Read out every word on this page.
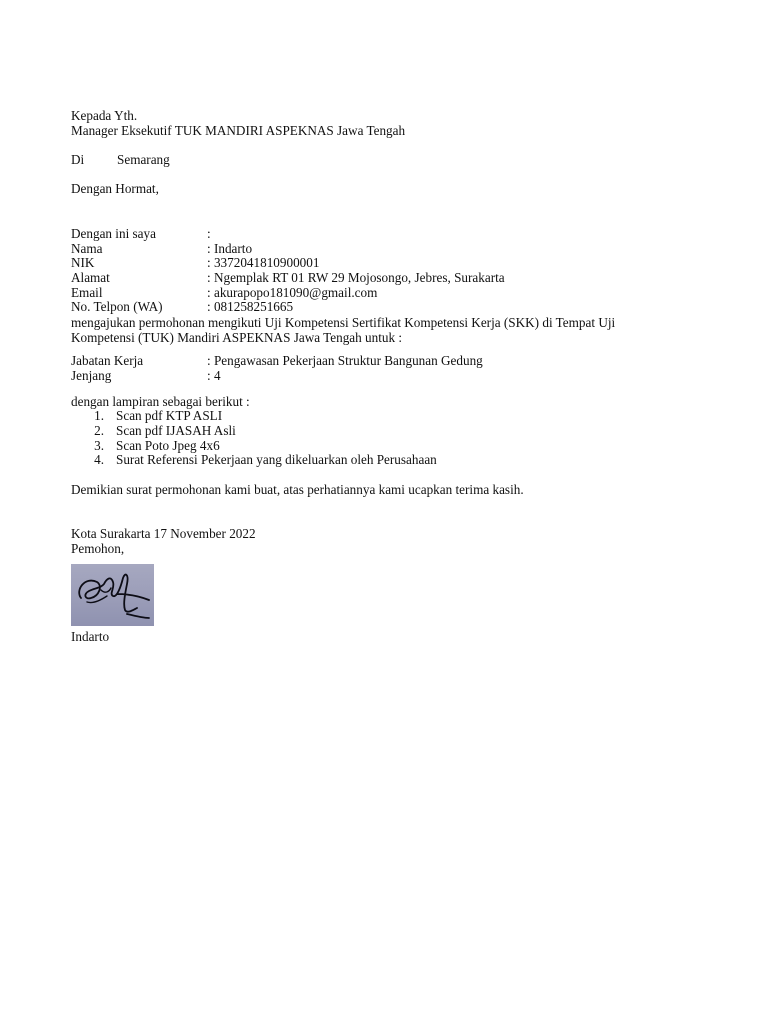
Kepada Yth.
Manager Eksekutif TUK MANDIRI ASPEKNAS Jawa Tengah
Di Semarang
Dengan Hormat,
Dengan ini saya	:
Nama	: Indarto
NIK	: 3372041810900001
Alamat	: Ngemplak RT 01 RW 29 Mojosongo, Jebres, Surakarta
Email	: akurapopo181090@gmail.com
No. Telpon (WA)	: 081258251665
mengajukan permohonan mengikuti Uji Kompetensi Sertifikat Kompetensi Kerja (SKK) di Tempat Uji
Kompetensi (TUK) Mandiri ASPEKNAS Jawa Tengah untuk :
Jabatan Kerja	: Pengawasan Pekerjaan Struktur Bangunan Gedung
Jenjang	: 4
dengan lampiran sebagai berikut :
1. Scan pdf KTP ASLI
2. Scan pdf IJASAH Asli
3. Scan Poto Jpeg 4x6
4. Surat Referensi Pekerjaan yang dikeluarkan oleh Perusahaan
Demikian surat permohonan kami buat, atas perhatiannya kami ucapkan terima kasih.
Kota Surakarta 17 November 2022
Pemohon,
Indarto
